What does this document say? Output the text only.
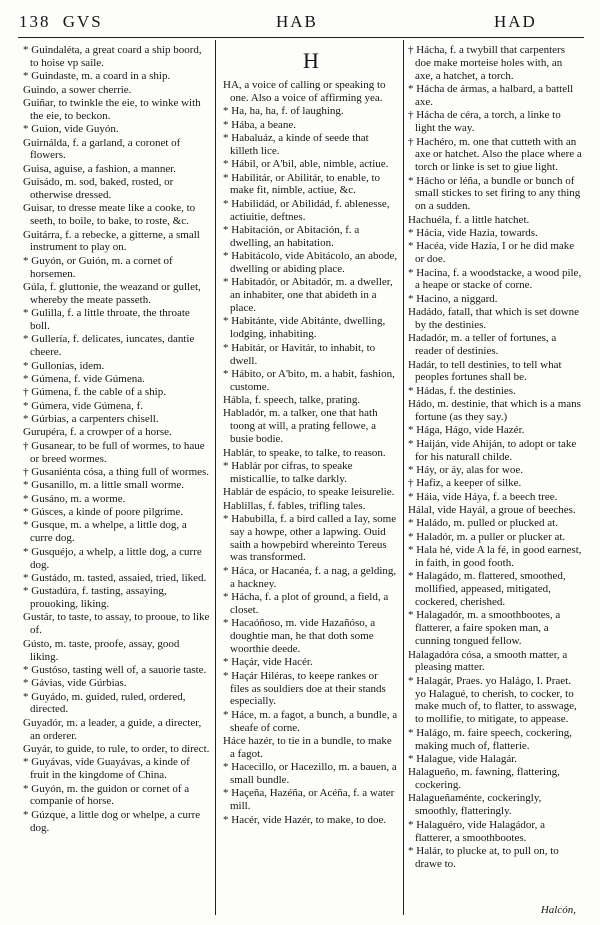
138 GVS	HAB	HAD
* Guindaléta, a great coard a ship boord, to hoise vp saile.
* Guindaste, m. a coard in a ship.
Guindo, a sower cherrie.
Guiñar, to twinkle the eie, to winke with the eie, to beckon.
* Guion, vide Guyón.
Guirnálda, f. a garland, a coronet of flowers.
Guisa, aguise, a fashion, a manner.
Guisádo, m. sod, baked, rosted, or otherwise dressed.
Guisar, to dresse meate like a cooke, to seeth, to boile, to bake, to roste, &c.
Guitárra, f. a rebecke, a gitterne, a small instrument to play on.
* Guyón, or Guión, m. a cornet of horsemen.
Gúla, f. gluttonie, the weazand or gullet, whereby the meate passeth.
* Gulilla, f. a little throate, the throate boll.
* Gullería, f. delicates, iuncates, dantie cheere.
* Gullonías, idem.
* Gúmena, f. vide Gúmena.
† Gúmena, f. the cable of a ship.
* Gúmera, vide Gúmena, f.
* Gúrbias, a carpenters chisell.
Gurupéra, f. a crowper of a horse.
† Gusanear, to be full of wormes, to haue or breed wormes.
† Gusaniénta cósa, a thing full of wormes.
* Gusanillo, m. a little small worme.
* Gusáno, m. a worme.
* Gúsces, a kinde of poore pilgrime.
* Gusque, m. a whelpe, a little dog, a curre dog.
* Gusquéjo, a whelp, a little dog, a curre dog.
* Gustádo, m. tasted, assaied, tried, liked.
* Gustadúra, f. tasting, assaying, prouoking, liking.
Gustár, to taste, to assay, to prooue, to like of.
Gústo, m. taste, proofe, assay, good liking.
* Gustóso, tasting well of, a sauorie taste.
* Gávias, vide Gúrbias.
* Guyádo, m. guided, ruled, ordered, directed.
Guyadór, m. a leader, a guide, a directer, an orderer.
Guyár, to guide, to rule, to order, to direct.
* Guyávas, vide Guayávas, a kinde of fruit in the kingdome of China.
* Guyón, m. the guidon or cornet of a companie of horse.
* Gúzque, a little dog or whelpe, a curre dog.
H
HA, a voice of calling or speaking to one. Also a voice of affirming yea.
* Ha, ha, ha, f. of laughing.
* Hába, a beane.
* Habaluáz, a kinde of seede that killeth lice.
* Hábil, or A'bil, able, nimble, actiue.
* Habilitár, or Abilitár, to enable, to make fit, nimble, actiue, &c.
* Habilidád, or Abilidád, f. ablenesse, actiuitie, deftnes.
* Habitación, or Abitación, f. a dwelling, an habitation.
* Habitácolo, vide Abitácolo, an abode, dwelling or abiding place.
* Habitadór, or Abitadór, m. a dweller, an inhabiter, one that abideth in a place.
* Habitánte, vide Abitánte, dwelling, lodging, inhabiting.
* Habitár, or Havitár, to inhabit, to dwell.
* Hábito, or A'bito, m. a habit, fashion, custome.
Hábla, f. speech, talke, prating.
Habladór, m. a talker, one that hath toong at will, a prating fellowe, a busie bodie.
Hablár, to speake, to talke, to reason.
* Hablár por cifras, to speake misticallie, to talke darkly.
Hablár de espácio, to speake leisurelie.
Hablillas, f. fables, trifling tales.
* Habubilla, f. a bird called a Iay, some say a howpe, other a lapwing. Ouid saith a howpebird whereinto Tereus was transformed.
* Háca, or Hacanéa, f. a nag, a gelding, a hackney.
* Hácha, f. a plot of ground, a field, a closet.
* Hacaóñoso, m. vide Hazañóso, a doughtie man, he that doth some woorthie deede.
* Haçár, vide Hacér.
* Haçár Hiléras, to keepe rankes or files as souldiers doe at their stands especially.
* Háce, m. a fagot, a bunch, a bundle, a sheafe of corne.
Háce hazér, to tie in a bundle, to make a fagot.
* Hacecillo, or Hacezillo, m. a bauen, a small bundle.
* Haçeña, Hazéña, or Acéña, f. a water mill.
* Hacér, vide Hazér, to make, to doe.
† Hácha, f. a twybill that carpenters doe make morteise holes with, an axe, a hatchet, a torch.
* Hácha de ármas, a halbard, a battell axe.
† Hácha de céra, a torch, a linke to light the way.
† Hachéro, m. one that cutteth with an axe or hatchet. Also the place where a torch or linke is set to giue light.
* Hácho or léña, a bundle or bunch of small stickes to set firing to any thing on a sudden.
Hachuéla, f. a little hatchet.
* Hácia, vide Hazia, towards.
* Hacéa, vide Hazía, I or he did make or doe.
* Hacina, f. a woodstacke, a wood pile, a heape or stacke of corne.
* Hacino, a niggard.
Hadádo, fatall, that which is set downe by the destinies.
Hadadór, m. a teller of fortunes, a reader of destinies.
Hadár, to tell destinies, to tell what peoples fortunes shall be.
* Hádas, f. the destinies.
Hádo, m. destinie, that which is a mans fortune (as they say.)
* Hága, Hágo, vide Hazér.
* Haiján, vide Ahiján, to adopt or take for his naturall childe.
* Háy, or áy, alas for woe.
† Hafiz, a keeper of silke.
* Háia, vide Háya, f. a beech tree.
Hálal, vide Hayál, a groue of beeches.
* Haládo, m. pulled or plucked at.
* Haladór, m. a puller or plucker at.
* Hala hé, vide A la fé, in good earnest, in faith, in good footh.
* Halagádo, m. flattered, smoothed, mollified, appeased, mitigated, cockered, cherished.
* Halagadór, m. a smoothbootes, a flatterer, a faire spoken man, a cunning tongued fellow.
Halagadóra cósa, a smooth matter, a pleasing matter.
* Halagár, Praes. yo Halágo, I. Praet. yo Halagué, to cherish, to cocker, to make much of, to flatter, to asswage, to mollifie, to mitigate, to appease.
* Halágo, m. faire speech, cockering, making much of, flatterie.
* Halague, vide Halagár.
Halagueño, m. fawning, flattering, cockering.
Halagueñaménte, cockeringly, smoothly, flatteringly.
* Halaguéro, vide Halagádor, a flatterer, a smoothbootes.
* Halár, to plucke at, to pull on, to drawe to.
Halcón,
